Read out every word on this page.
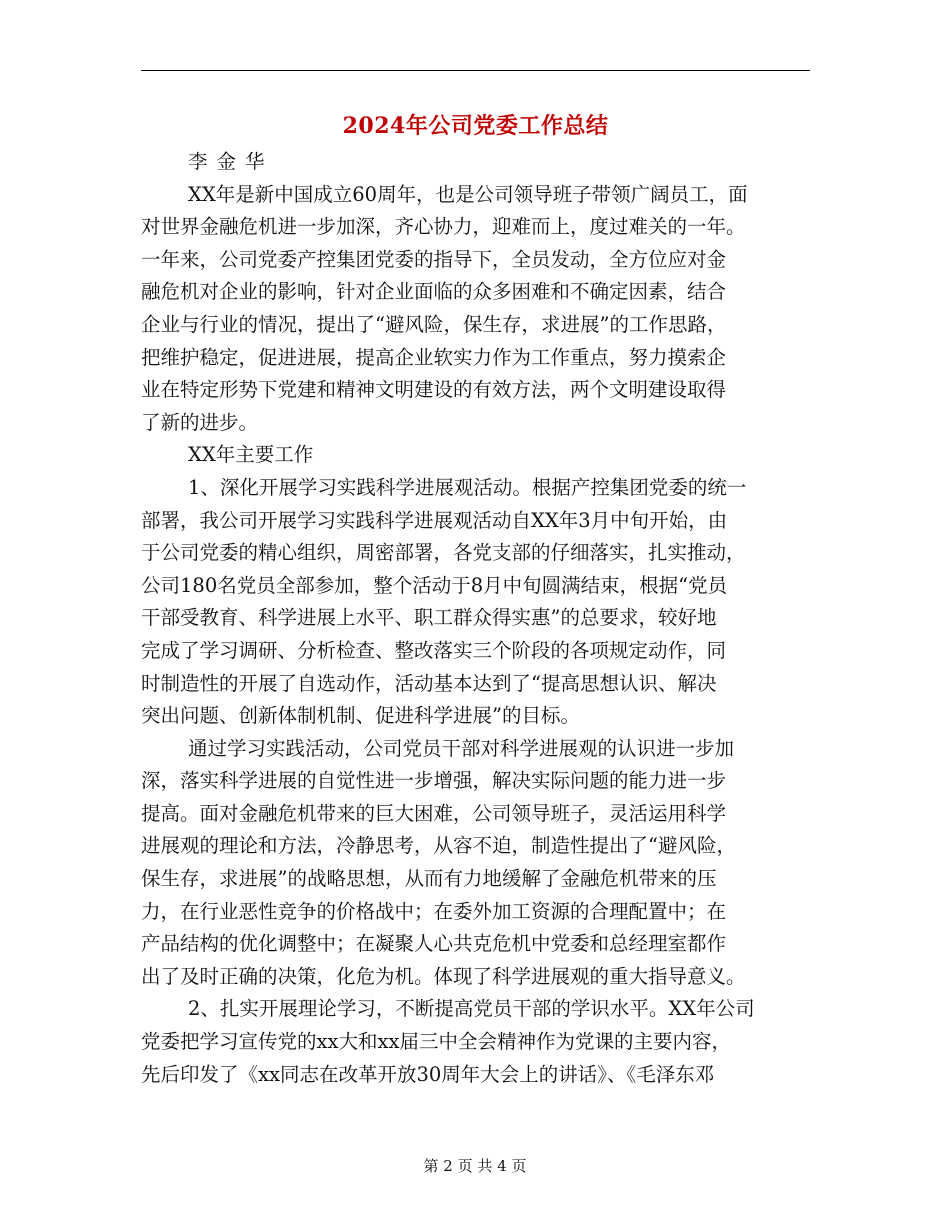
2024年公司党委工作总结

李金华

XX年是新中国成立60周年，也是公司领导班子带领广阔员工，面

对世界金融危机进一步加深，齐心协力，迎难而上，度过难关的一年。

一年来，公司党委产控集团党委的指导下，全员发动，全方位应对金

融危机对企业的影响，针对企业面临的众多困难和不确定因素，结合

企业与行业的情况，提出了“避风险，保生存，求进展”的工作思路，

把维护稳定，促进进展，提高企业软实力作为工作重点，努力摸索企

业在特定形势下党建和精神文明建设的有效方法，两个文明建设取得

了新的进步。

XX年主要工作

1、深化开展学习实践科学进展观活动。根据产控集团党委的统一

部署，我公司开展学习实践科学进展观活动自XX年3月中旬开始，由

于公司党委的精心组织，周密部署，各党支部的仔细落实，扎实推动，

公司180名党员全部参加，整个活动于8月中旬圆满结束，根据“党员

干部受教育、科学进展上水平、职工群众得实惠”的总要求，较好地

完成了学习调研、分析检查、整改落实三个阶段的各项规定动作，同

时制造性的开展了自选动作，活动基本达到了“提高思想认识、解决

突出问题、创新体制机制、促进科学进展”的目标。

通过学习实践活动，公司党员干部对科学进展观的认识进一步加

深，落实科学进展的自觉性进一步增强，解决实际问题的能力进一步

提高。面对金融危机带来的巨大困难，公司领导班子，灵活运用科学

进展观的理论和方法，冷静思考，从容不迫，制造性提出了“避风险，

保生存，求进展”的战略思想，从而有力地缓解了金融危机带来的压

力，在行业恶性竞争的价格战中；在委外加工资源的合理配置中；在

产品结构的优化调整中；在凝聚人心共克危机中党委和总经理室都作

出了及时正确的决策，化危为机。体现了科学进展观的重大指导意义。

2、扎实开展理论学习，不断提高党员干部的学识水平。XX年公司

党委把学习宣传党的xx大和xx届三中全会精神作为党课的主要内容，

先后印发了《xx同志在改革开放30周年大会上的讲话》、《毛泽东邓

第 2 页 共 4 页
